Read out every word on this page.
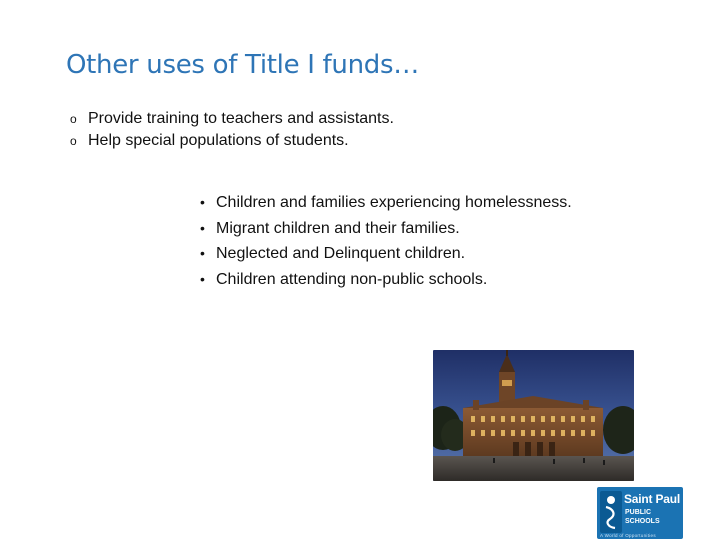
Other uses of Title I funds…
o Provide training to teachers and assistants.
o Help special populations of students.
• Children and families experiencing homelessness.
• Migrant children and their families.
• Neglected and Delinquent children.
• Children attending non-public schools.
Saint Paul
PUBLIC
SCHOOLS
A World of Opportunities
